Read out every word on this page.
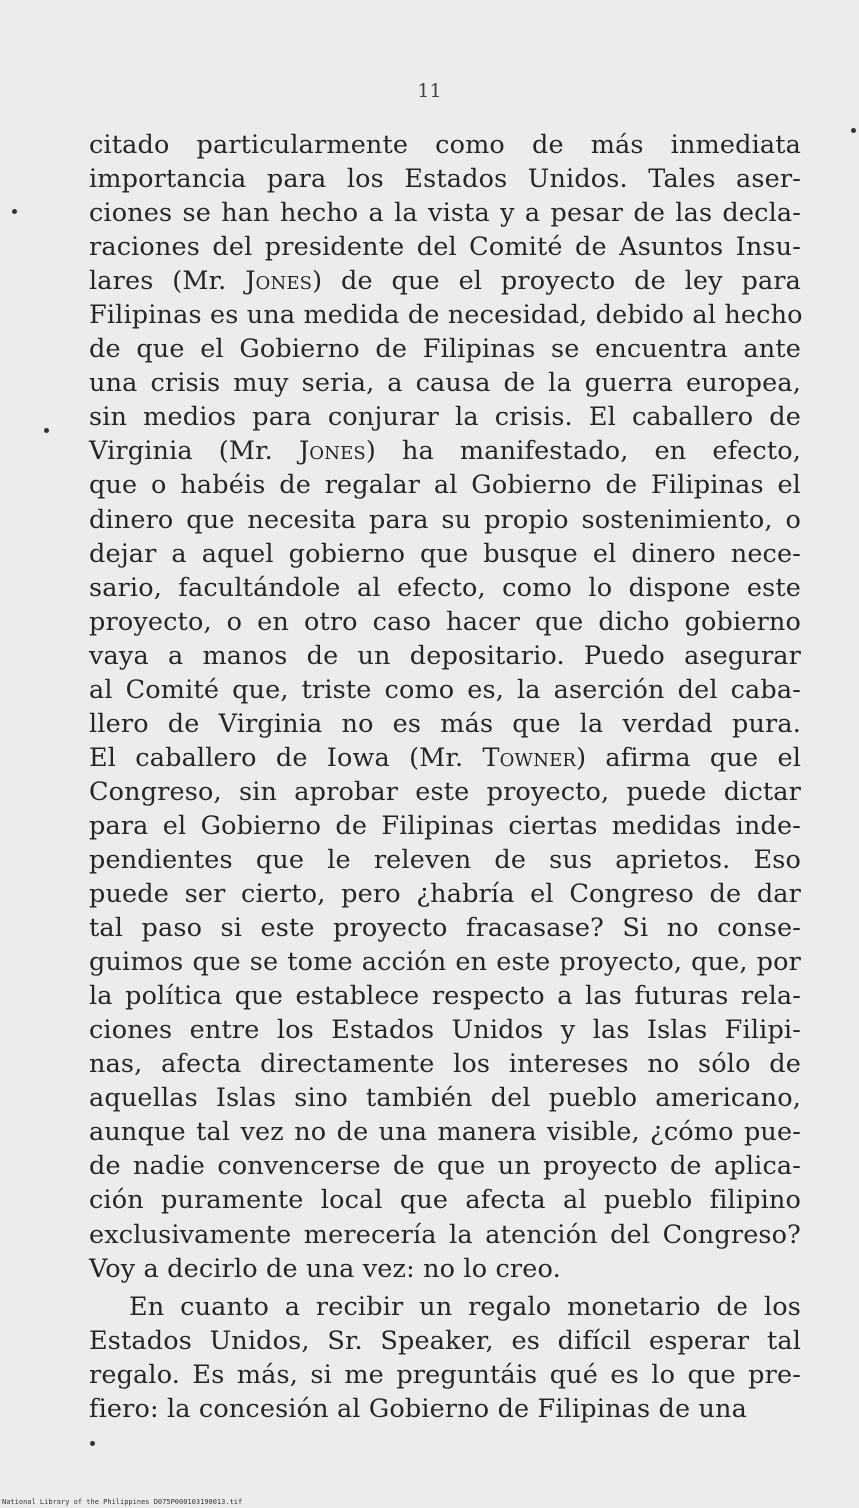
11
citado particularmente como de más inmediata
importancia para los Estados Unidos. Tales aser-
ciones se han hecho a la vista y a pesar de las decla-
raciones del presidente del Comité de Asuntos Insu-
lares (Mr. Jones) de que el proyecto de ley para
Filipinas es una medida de necesidad, debido al hecho
de que el Gobierno de Filipinas se encuentra ante
una crisis muy seria, a causa de la guerra europea,
sin medios para conjurar la crisis. El caballero de
Virginia (Mr. Jones) ha manifestado, en efecto,
que o habéis de regalar al Gobierno de Filipinas el
dinero que necesita para su propio sostenimiento, o
dejar a aquel gobierno que busque el dinero nece-
sario, facultándole al efecto, como lo dispone este
proyecto, o en otro caso hacer que dicho gobierno
vaya a manos de un depositario. Puedo asegurar
al Comité que, triste como es, la aserción del caba-
llero de Virginia no es más que la verdad pura.
El caballero de Iowa (Mr. Towner) afirma que el
Congreso, sin aprobar este proyecto, puede dictar
para el Gobierno de Filipinas ciertas medidas inde-
pendientes que le releven de sus aprietos. Eso
puede ser cierto, pero ¿habría el Congreso de dar
tal paso si este proyecto fracasase? Si no conse-
guimos que se tome acción en este proyecto, que, por
la política que establece respecto a las futuras rela-
ciones entre los Estados Unidos y las Islas Filipi-
nas, afecta directamente los intereses no sólo de
aquellas Islas sino también del pueblo americano,
aunque tal vez no de una manera visible, ¿cómo pue-
de nadie convencerse de que un proyecto de aplica-
ción puramente local que afecta al pueblo filipino
exclusivamente merecería la atención del Congreso?
Voy a decirlo de una vez: no lo creo.
En cuanto a recibir un regalo monetario de los
Estados Unidos, Sr. Speaker, es difícil esperar tal
regalo. Es más, si me preguntáis qué es lo que pre-
fiero: la concesión al Gobierno de Filipinas de una
National Library of the Philippines D075P000103190013.tif
